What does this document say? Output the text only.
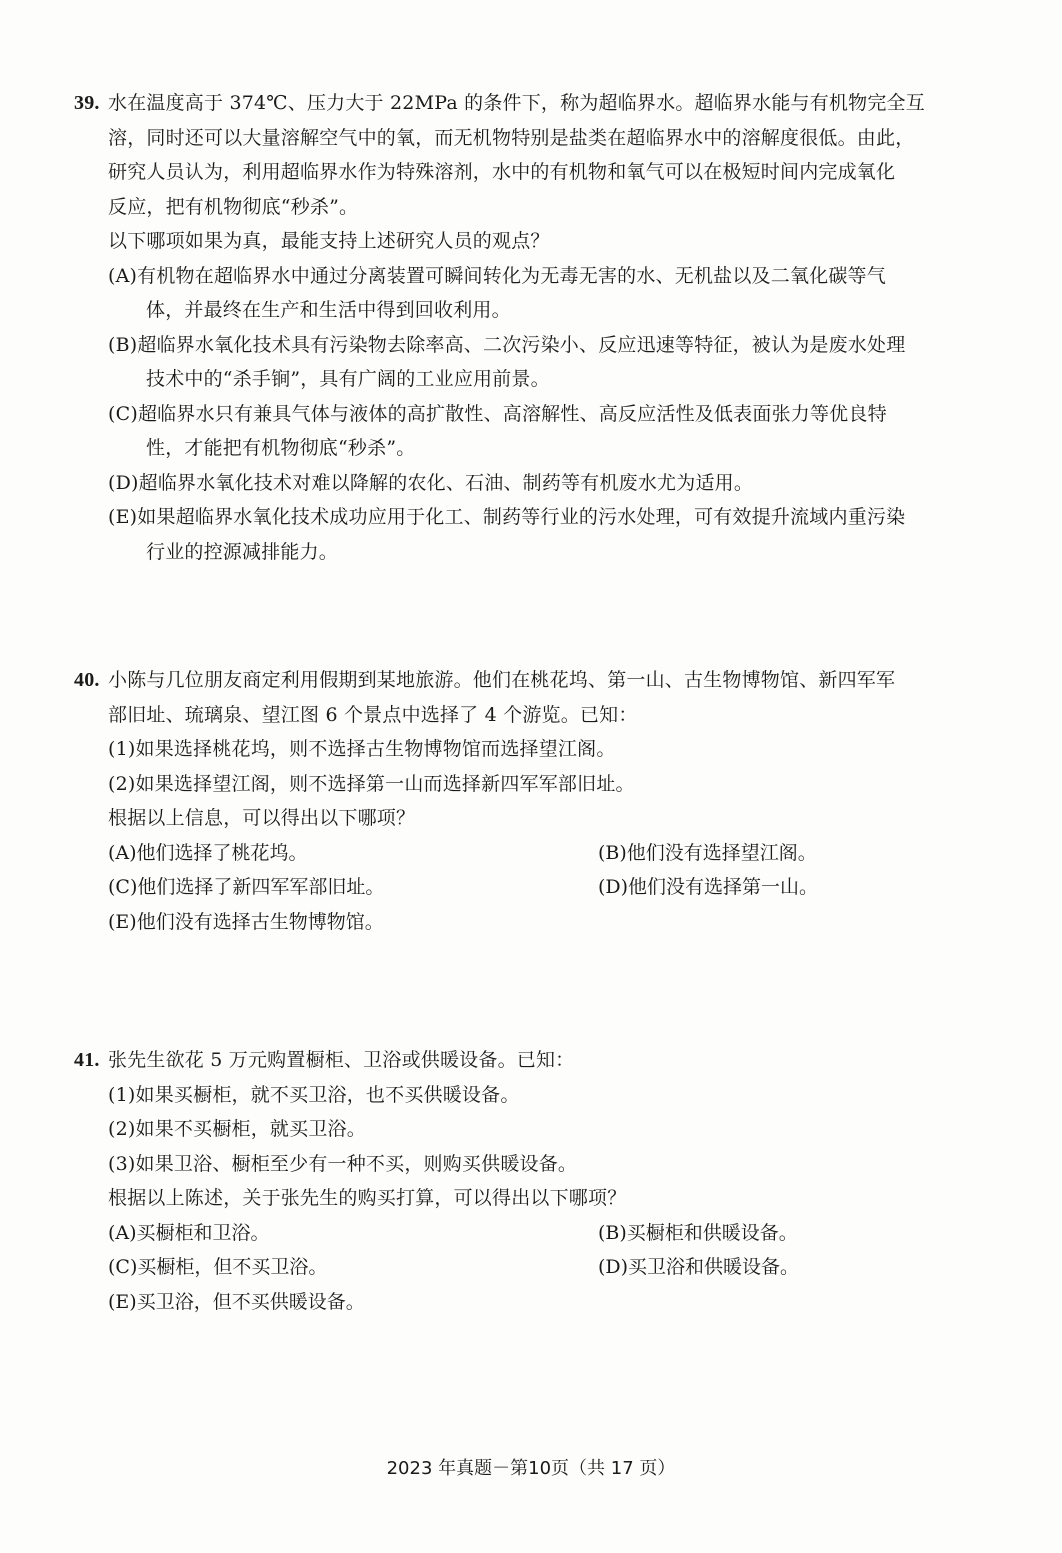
39. 水在温度高于 374℃、压力大于 22MPa 的条件下，称为超临界水。超临界水能与有机物完全互
溶，同时还可以大量溶解空气中的氧，而无机物特别是盐类在超临界水中的溶解度很低。由此，
研究人员认为，利用超临界水作为特殊溶剂，水中的有机物和氧气可以在极短时间内完成氧化
反应，把有机物彻底“秒杀”。
以下哪项如果为真，最能支持上述研究人员的观点？
(A)有机物在超临界水中通过分离装置可瞬间转化为无毒无害的水、无机盐以及二氧化碳等气
体，并最终在生产和生活中得到回收利用。
(B)超临界水氧化技术具有污染物去除率高、二次污染小、反应迅速等特征，被认为是废水处理
技术中的“杀手锏”，具有广阔的工业应用前景。
(C)超临界水只有兼具气体与液体的高扩散性、高溶解性、高反应活性及低表面张力等优良特
性，才能把有机物彻底“秒杀”。
(D)超临界水氧化技术对难以降解的农化、石油、制药等有机废水尤为适用。
(E)如果超临界水氧化技术成功应用于化工、制药等行业的污水处理，可有效提升流域内重污染
行业的控源减排能力。
40. 小陈与几位朋友商定利用假期到某地旅游。他们在桃花坞、第一山、古生物博物馆、新四军军
部旧址、琉璃泉、望江图 6 个景点中选择了 4 个游览。已知：
(1)如果选择桃花坞，则不选择古生物博物馆而选择望江阁。
(2)如果选择望江阁，则不选择第一山而选择新四军军部旧址。
根据以上信息，可以得出以下哪项？
(A)他们选择了桃花坞。	(B)他们没有选择望江阁。
(C)他们选择了新四军军部旧址。	(D)他们没有选择第一山。
(E)他们没有选择古生物博物馆。
41. 张先生欲花 5 万元购置橱柜、卫浴或供暖设备。已知：
(1)如果买橱柜，就不买卫浴，也不买供暖设备。
(2)如果不买橱柜，就买卫浴。
(3)如果卫浴、橱柜至少有一种不买，则购买供暖设备。
根据以上陈述，关于张先生的购买打算，可以得出以下哪项？
(A)买橱柜和卫浴。	(B)买橱柜和供暖设备。
(C)买橱柜，但不买卫浴。	(D)买卫浴和供暖设备。
(E)买卫浴，但不买供暖设备。
2023 年真题－第10页（共 17 页）
